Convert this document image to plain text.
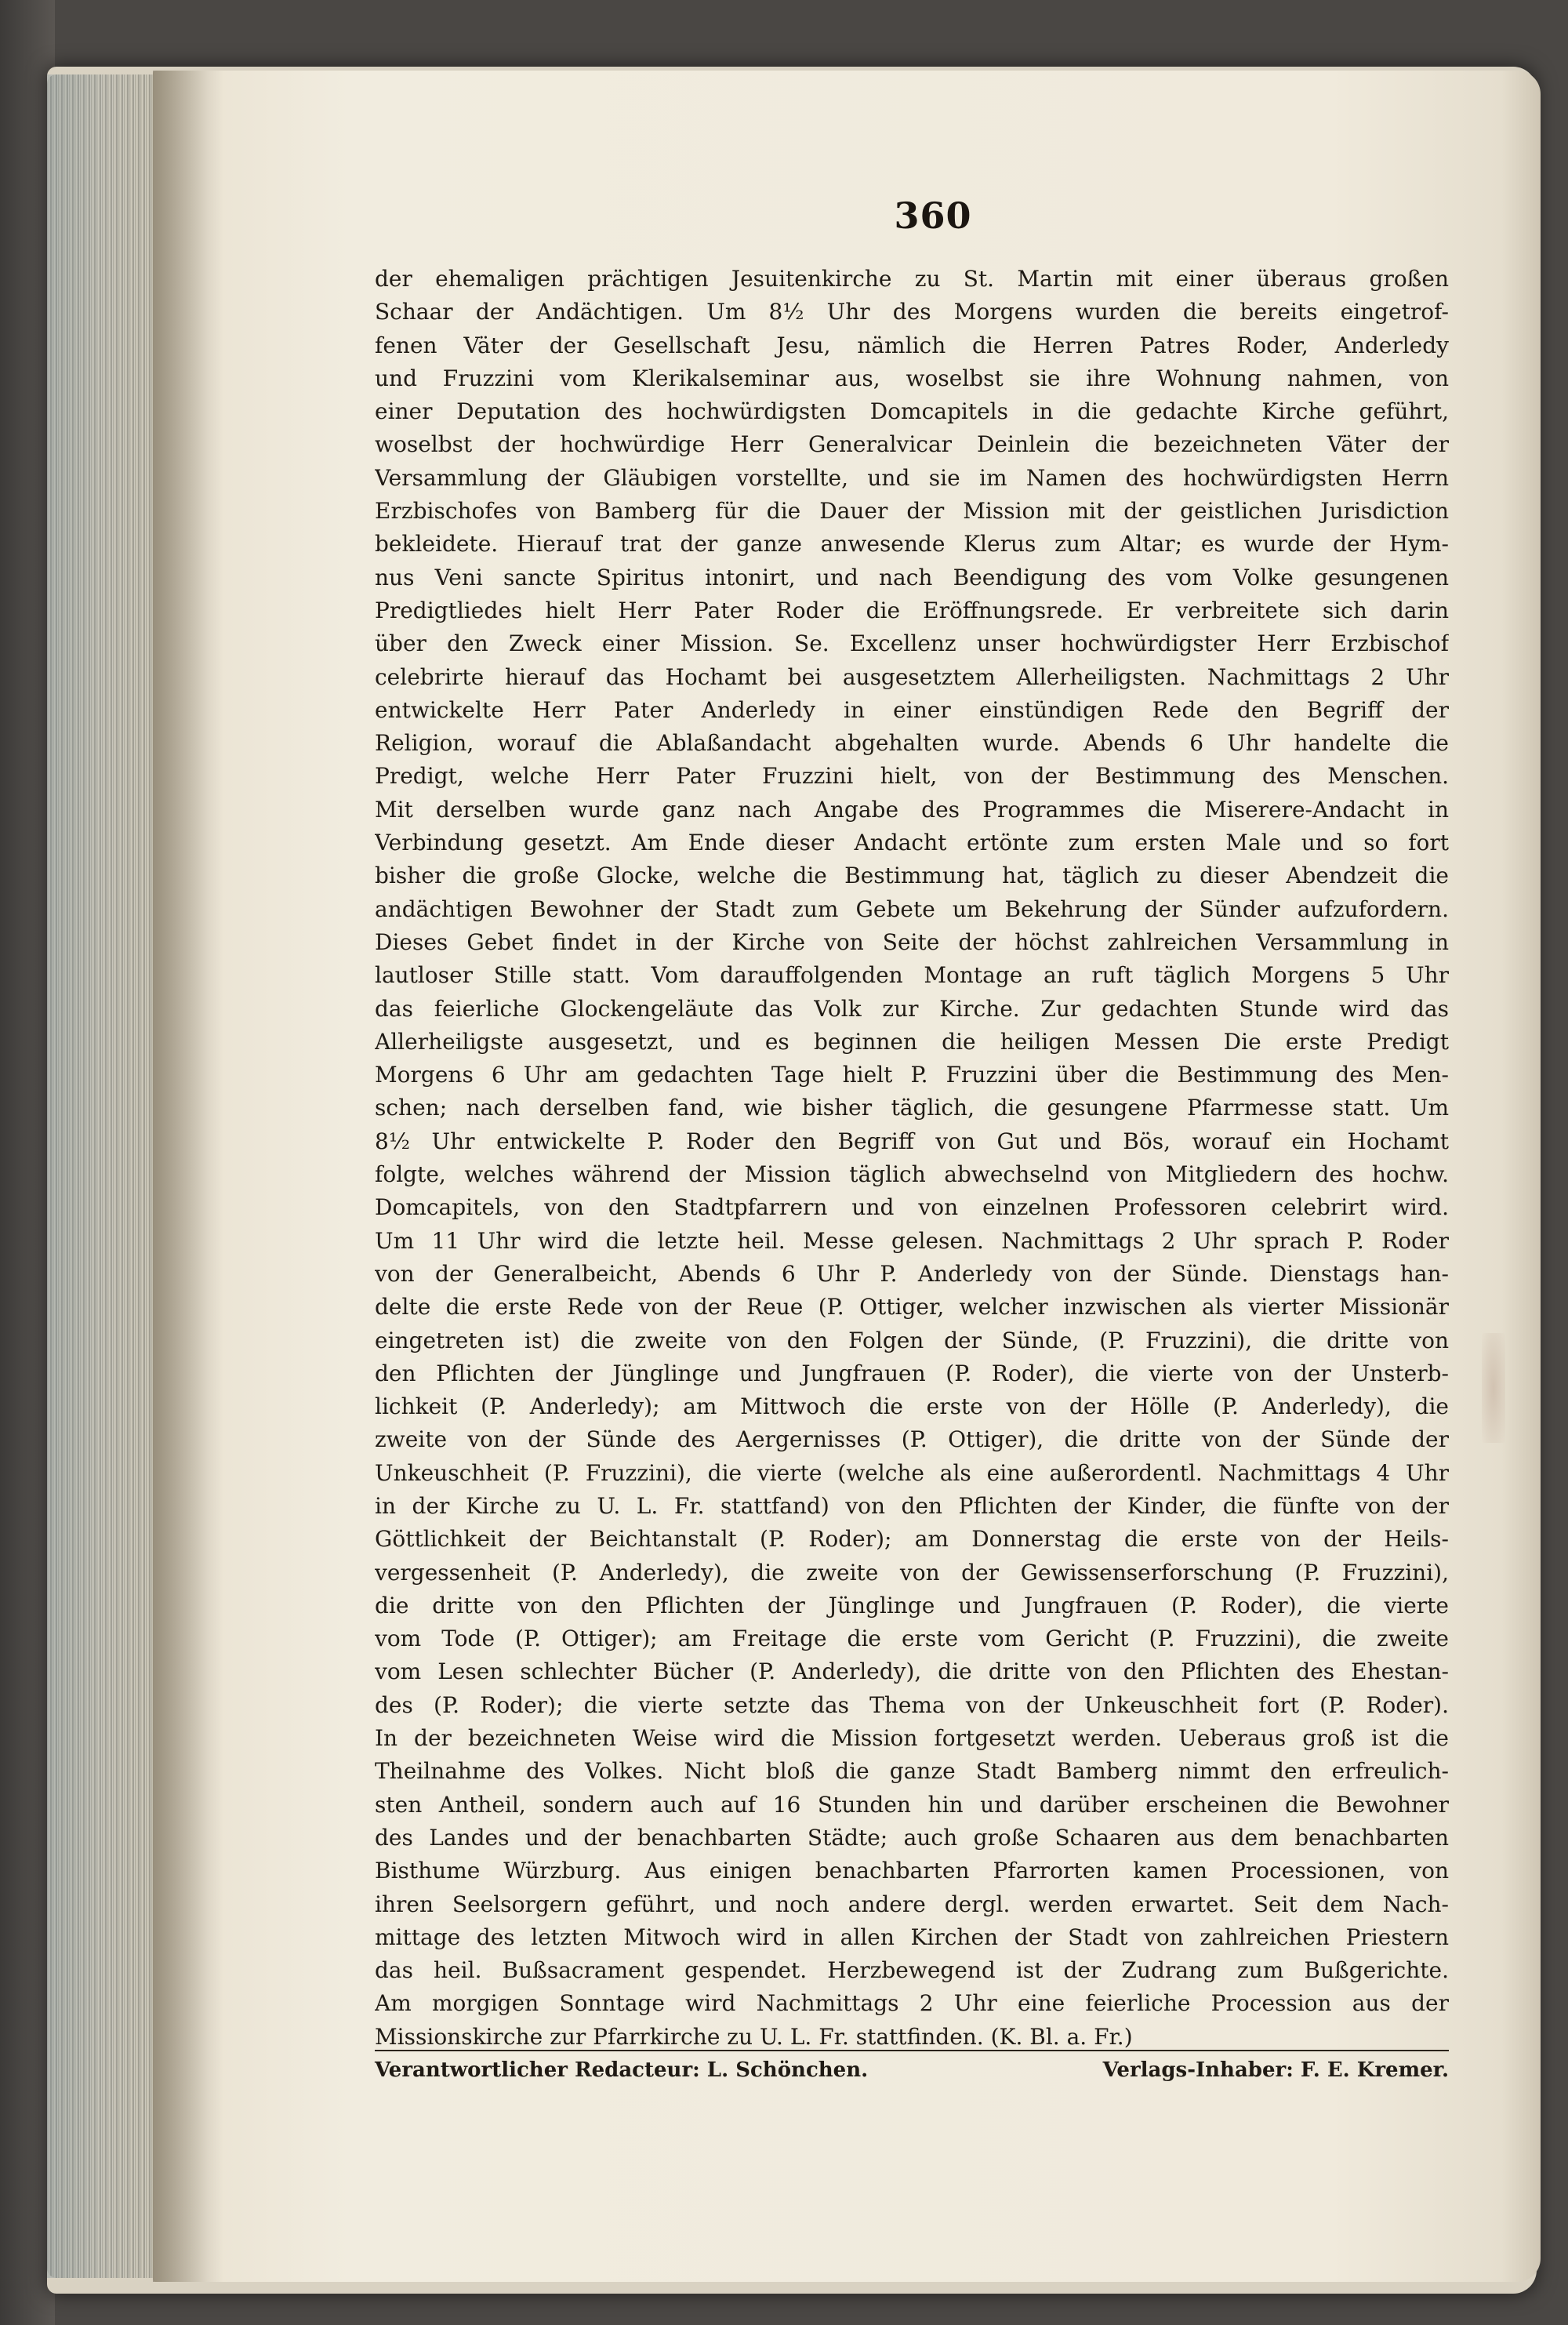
360
der ehemaligen prächtigen Jesuitenkirche zu St. Martin mit einer überaus großen
Schaar der Andächtigen. Um 8½ Uhr des Morgens wurden die bereits eingetrof-
fenen Väter der Gesellschaft Jesu, nämlich die Herren Patres Roder, Anderledy
und Fruzzini vom Klerikalseminar aus, woselbst sie ihre Wohnung nahmen, von
einer Deputation des hochwürdigsten Domcapitels in die gedachte Kirche geführt,
woselbst der hochwürdige Herr Generalvicar Deinlein die bezeichneten Väter der
Versammlung der Gläubigen vorstellte, und sie im Namen des hochwürdigsten Herrn
Erzbischofes von Bamberg für die Dauer der Mission mit der geistlichen Jurisdiction
bekleidete. Hierauf trat der ganze anwesende Klerus zum Altar; es wurde der Hym-
nus Veni sancte Spiritus intonirt, und nach Beendigung des vom Volke gesungenen
Predigtliedes hielt Herr Pater Roder die Eröffnungsrede. Er verbreitete sich darin
über den Zweck einer Mission. Se. Excellenz unser hochwürdigster Herr Erzbischof
celebrirte hierauf das Hochamt bei ausgesetztem Allerheiligsten. Nachmittags 2 Uhr
entwickelte Herr Pater Anderledy in einer einstündigen Rede den Begriff der
Religion, worauf die Ablaßandacht abgehalten wurde. Abends 6 Uhr handelte die
Predigt, welche Herr Pater Fruzzini hielt, von der Bestimmung des Menschen.
Mit derselben wurde ganz nach Angabe des Programmes die Miserere-Andacht in
Verbindung gesetzt. Am Ende dieser Andacht ertönte zum ersten Male und so fort
bisher die große Glocke, welche die Bestimmung hat, täglich zu dieser Abendzeit die
andächtigen Bewohner der Stadt zum Gebete um Bekehrung der Sünder aufzufordern.
Dieses Gebet findet in der Kirche von Seite der höchst zahlreichen Versammlung in
lautloser Stille statt. Vom darauffolgenden Montage an ruft täglich Morgens 5 Uhr
das feierliche Glockengeläute das Volk zur Kirche. Zur gedachten Stunde wird das
Allerheiligste ausgesetzt, und es beginnen die heiligen Messen Die erste Predigt
Morgens 6 Uhr am gedachten Tage hielt P. Fruzzini über die Bestimmung des Men-
schen; nach derselben fand, wie bisher täglich, die gesungene Pfarrmesse statt. Um
8½ Uhr entwickelte P. Roder den Begriff von Gut und Bös, worauf ein Hochamt
folgte, welches während der Mission täglich abwechselnd von Mitgliedern des hochw.
Domcapitels, von den Stadtpfarrern und von einzelnen Professoren celebrirt wird.
Um 11 Uhr wird die letzte heil. Messe gelesen. Nachmittags 2 Uhr sprach P. Roder
von der Generalbeicht, Abends 6 Uhr P. Anderledy von der Sünde. Dienstags han-
delte die erste Rede von der Reue (P. Ottiger, welcher inzwischen als vierter Missionär
eingetreten ist) die zweite von den Folgen der Sünde, (P. Fruzzini), die dritte von
den Pflichten der Jünglinge und Jungfrauen (P. Roder), die vierte von der Unsterb-
lichkeit (P. Anderledy); am Mittwoch die erste von der Hölle (P. Anderledy), die
zweite von der Sünde des Aergernisses (P. Ottiger), die dritte von der Sünde der
Unkeuschheit (P. Fruzzini), die vierte (welche als eine außerordentl. Nachmittags 4 Uhr
in der Kirche zu U. L. Fr. stattfand) von den Pflichten der Kinder, die fünfte von der
Göttlichkeit der Beichtanstalt (P. Roder); am Donnerstag die erste von der Heils-
vergessenheit (P. Anderledy), die zweite von der Gewissenserforschung (P. Fruzzini),
die dritte von den Pflichten der Jünglinge und Jungfrauen (P. Roder), die vierte
vom Tode (P. Ottiger); am Freitage die erste vom Gericht (P. Fruzzini), die zweite
vom Lesen schlechter Bücher (P. Anderledy), die dritte von den Pflichten des Ehestan-
des (P. Roder); die vierte setzte das Thema von der Unkeuschheit fort (P. Roder).
In der bezeichneten Weise wird die Mission fortgesetzt werden. Ueberaus groß ist die
Theilnahme des Volkes. Nicht bloß die ganze Stadt Bamberg nimmt den erfreulich-
sten Antheil, sondern auch auf 16 Stunden hin und darüber erscheinen die Bewohner
des Landes und der benachbarten Städte; auch große Schaaren aus dem benachbarten
Bisthume Würzburg. Aus einigen benachbarten Pfarrorten kamen Processionen, von
ihren Seelsorgern geführt, und noch andere dergl. werden erwartet. Seit dem Nach-
mittage des letzten Mitwoch wird in allen Kirchen der Stadt von zahlreichen Priestern
das heil. Bußsacrament gespendet. Herzbewegend ist der Zudrang zum Bußgerichte.
Am morgigen Sonntage wird Nachmittags 2 Uhr eine feierliche Procession aus der
Missionskirche zur Pfarrkirche zu U. L. Fr. stattfinden. (K. Bl. a. Fr.)
Verantwortlicher Redacteur: L. Schönchen.	Verlags-Inhaber: F. E. Kremer.
